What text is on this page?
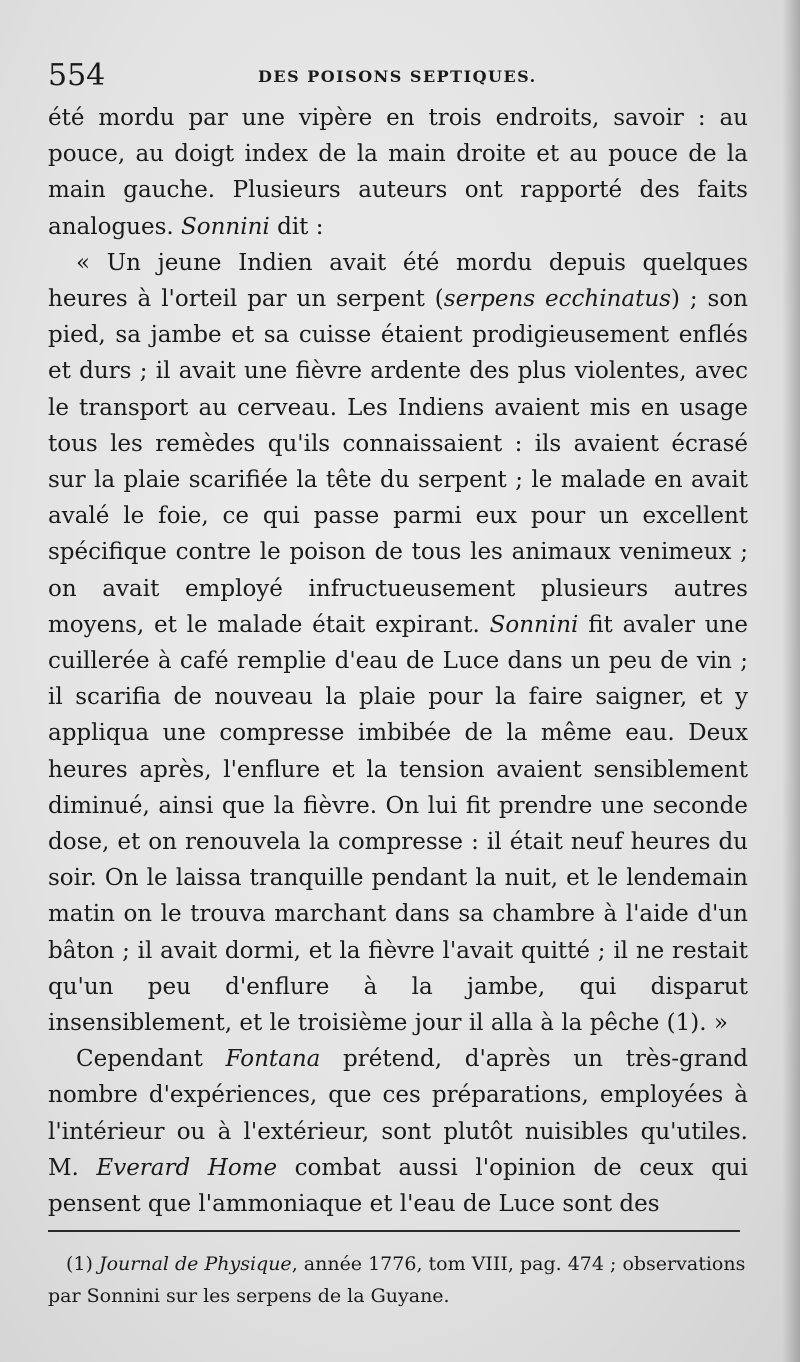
554	DES POISONS SEPTIQUES.

été mordu par une vipère en trois endroits, savoir : au pouce, au doigt index de la main droite et au pouce de la main gauche. Plusieurs auteurs ont rapporté des faits analogues. Sonnini dit :

« Un jeune Indien avait été mordu depuis quelques heures à l'orteil par un serpent (serpens ecchinatus) ; son pied, sa jambe et sa cuisse étaient prodigieusement enflés et durs ; il avait une fièvre ardente des plus violentes, avec le transport au cerveau. Les Indiens avaient mis en usage tous les remèdes qu'ils connaissaient : ils avaient écrasé sur la plaie scarifiée la tête du serpent ; le malade en avait avalé le foie, ce qui passe parmi eux pour un excellent spécifique contre le poison de tous les animaux venimeux ; on avait employé infructueusement plusieurs autres moyens, et le malade était expirant. Sonnini fit avaler une cuillerée à café remplie d'eau de Luce dans un peu de vin ; il scarifia de nouveau la plaie pour la faire saigner, et y appliqua une compresse imbibée de la même eau. Deux heures après, l'enflure et la tension avaient sensiblement diminué, ainsi que la fièvre. On lui fit prendre une seconde dose, et on renouvela la compresse : il était neuf heures du soir. On le laissa tranquille pendant la nuit, et le lendemain matin on le trouva marchant dans sa chambre à l'aide d'un bâton ; il avait dormi, et la fièvre l'avait quitté ; il ne restait qu'un peu d'enflure à la jambe, qui disparut insensiblement, et le troisième jour il alla à la pêche (1). »

Cependant Fontana prétend, d'après un très-grand nombre d'expériences, que ces préparations, employées à l'intérieur ou à l'extérieur, sont plutôt nuisibles qu'utiles. M. Everard Home combat aussi l'opinion de ceux qui pensent que l'ammoniaque et l'eau de Luce sont des

(1) Journal de Physique, année 1776, tom VIII, pag. 474 ; observations par Sonnini sur les serpens de la Guyane.
